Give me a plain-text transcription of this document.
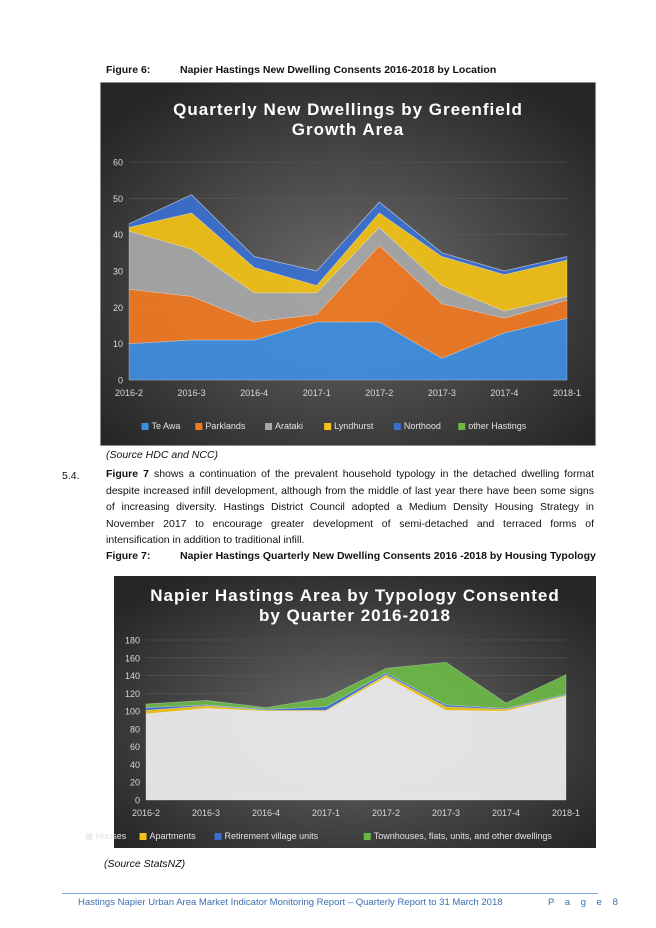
Figure 6:	Napier Hastings New Dwelling Consents 2016-2018 by Location
Quarterly New Dwellings by Greenfield
Growth Area
0
10
20
30
40
50
60
2016-2	2016-3	2016-4	2017-1	2017-2	2017-3	2017-4	2018-1
Te Awa	Parklands	Arataki	Lyndhurst	Northood	other Hastings
(Source HDC and NCC)
5.4.	Figure 7 shows a continuation of the prevalent household typology in the detached dwelling format despite increased infill development, although from the middle of last year there have been some signs of increasing diversity. Hastings District Council adopted a Medium Density Housing Strategy in November 2017 to encourage greater development of semi-detached and terraced forms of intensification in addition to traditional infill.
Figure 7:	Napier Hastings Quarterly New Dwelling Consents 2016 -2018 by Housing Typology
Napier Hastings Area by Typology Consented
by Quarter 2016-2018
0
20
40
60
80
100
120
140
160
180
2016-2	2016-3	2016-4	2017-1	2017-2	2017-3	2017-4	2018-1
Houses	Apartments	Retirement village units	Townhouses, flats, units, and other dwellings
(Source StatsNZ)
Hastings Napier Urban Area Market Indicator Monitoring Report – Quarterly Report to 31 March 2018	P a g e 8
